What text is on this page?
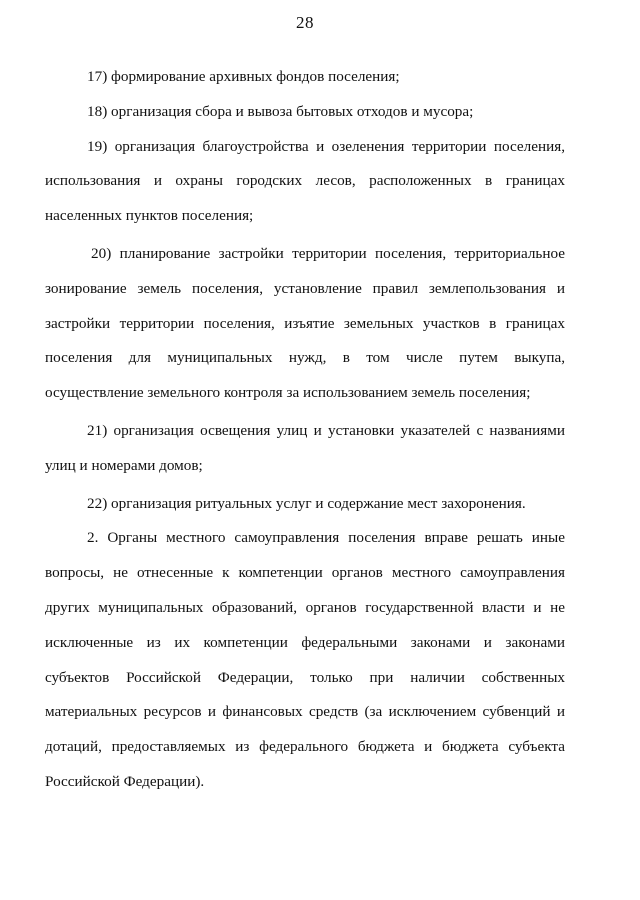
28
17) формирование архивных фондов поселения;
18) организация сбора и вывоза бытовых отходов и мусора;
19) организация благоустройства и озеленения территории поселения,
использования и охраны городских лесов, расположенных в границах
населенных пунктов поселения;
20) планирование застройки территории поселения, территориальное
зонирование земель поселения, установление правил землепользования и
застройки территории поселения, изъятие земельных участков в границах
поселения для муниципальных нужд, в том числе путем выкупа,
осуществление земельного контроля за использованием земель поселения;
21) организация освещения улиц и установки указателей с названиями
улиц и номерами домов;
22) организация ритуальных услуг и содержание мест захоронения.
2. Органы местного самоуправления поселения вправе решать иные
вопросы, не отнесенные к компетенции органов местного самоуправления
других муниципальных образований, органов государственной власти и не
исключенные из их компетенции федеральными законами и законами
субъектов Российской Федерации, только при наличии собственных
материальных ресурсов и финансовых средств (за исключением субвенций и
дотаций, предоставляемых из федерального бюджета и бюджета субъекта
Российской Федерации).
